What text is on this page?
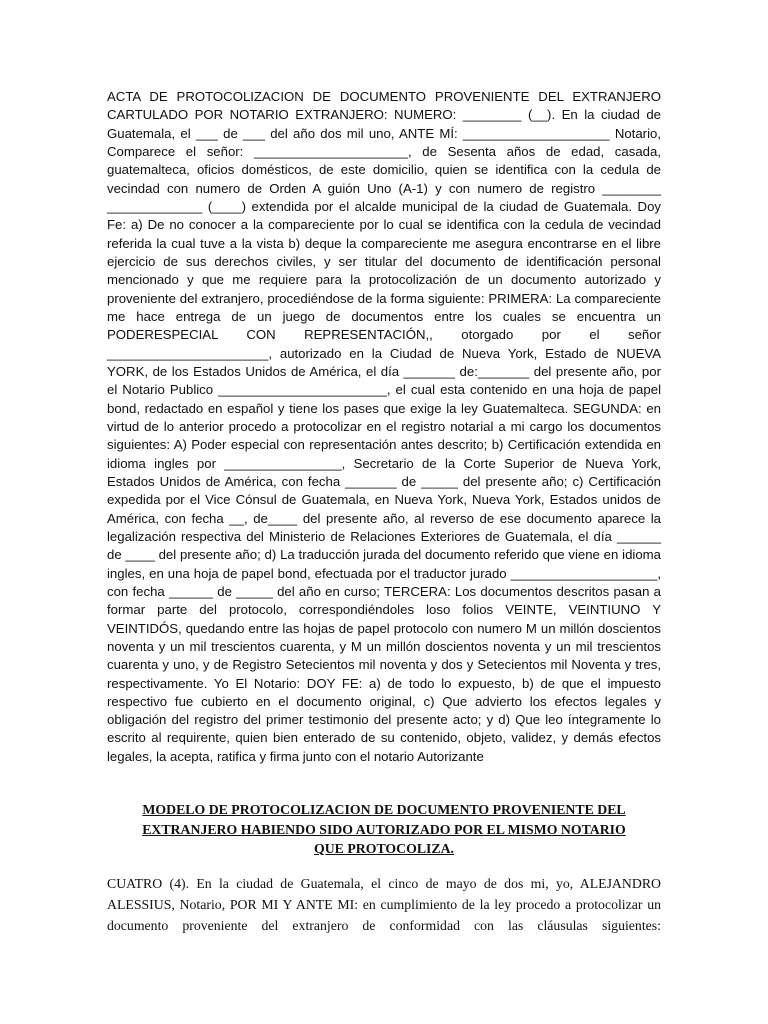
ACTA DE PROTOCOLIZACION DE DOCUMENTO PROVENIENTE DEL EXTRANJERO CARTULADO POR NOTARIO EXTRANJERO: NUMERO: ________ (__). En la ciudad de Guatemala, el ___ de ___ del año dos mil uno, ANTE MÍ: ____________________ Notario, Comparece el señor: _____________________, de Sesenta años de edad, casada, guatemalteca, oficios domésticos, de este domicilio, quien se identifica con la cedula de vecindad con numero de Orden A guión Uno (A-1) y con numero de registro ________ _____________ (____) extendida por el alcalde municipal de la ciudad de Guatemala. Doy Fe: a) De no conocer a la compareciente por lo cual se identifica con la cedula de vecindad referida la cual tuve a la vista b) deque la compareciente me asegura encontrarse en el libre ejercicio de sus derechos civiles, y ser titular del documento de identificación personal mencionado y que me requiere para la protocolización de un documento autorizado y proveniente del extranjero, procediéndose de la forma siguiente: PRIMERA: La compareciente me hace entrega de un juego de documentos entre los cuales se encuentra un PODERESPECIAL CON REPRESENTACIÓN,, otorgado por el señor ______________________, autorizado en la Ciudad de Nueva York, Estado de NUEVA YORK, de los Estados Unidos de América, el día _______ de:_______ del presente año, por el Notario Publico _______________________, el cual esta contenido en una hoja de papel bond, redactado en español y tiene los pases que exige la ley Guatemalteca. SEGUNDA: en virtud de lo anterior procedo a protocolizar en el registro notarial a mi cargo los documentos siguientes: A) Poder especial con representación antes descrito; b) Certificación extendida en idioma ingles por ________________, Secretario de la Corte Superior de Nueva York, Estados Unidos de América, con fecha _______ de _____ del presente año; c) Certificación expedida por el Vice Cónsul de Guatemala, en Nueva York, Nueva York, Estados unidos de América, con fecha __, de____ del presente año, al reverso de ese documento aparece la legalización respectiva del Ministerio de Relaciones Exteriores de Guatemala, el día ______ de ____ del presente año; d) La traducción jurada del documento referido que viene en idioma ingles, en una hoja de papel bond, efectuada por el traductor jurado ____________________, con fecha ______ de _____ del año en curso; TERCERA: Los documentos descritos pasan a formar parte del protocolo, correspondiéndoles loso folios VEINTE, VEINTIUNO Y VEINTIDÓS, quedando entre las hojas de papel protocolo con numero M un millón doscientos noventa y un mil trescientos cuarenta, y M un millón doscientos noventa y un mil trescientos cuarenta y uno, y de Registro Setecientos mil noventa y dos y Setecientos mil Noventa y tres, respectivamente. Yo El Notario: DOY FE: a) de todo lo expuesto, b) de que el impuesto respectivo fue cubierto en el documento original, c) Que advierto los efectos legales y obligación del registro del primer testimonio del presente acto; y d) Que leo íntegramente lo escrito al requirente, quien bien enterado de su contenido, objeto, validez, y demás efectos legales, la acepta, ratifica y firma junto con el notario Autorizante

MODELO DE PROTOCOLIZACION DE DOCUMENTO PROVENIENTE DEL
EXTRANJERO HABIENDO SIDO AUTORIZADO POR EL MISMO NOTARIO
QUE PROTOCOLIZA.

CUATRO (4). En la ciudad de Guatemala, el cinco de mayo de dos mi, yo, ALEJANDRO ALESSIUS, Notario, POR MI Y ANTE MI: en cumplimiento de la ley procedo a protocolizar un documento proveniente del extranjero de conformidad con las cláusulas siguientes:
